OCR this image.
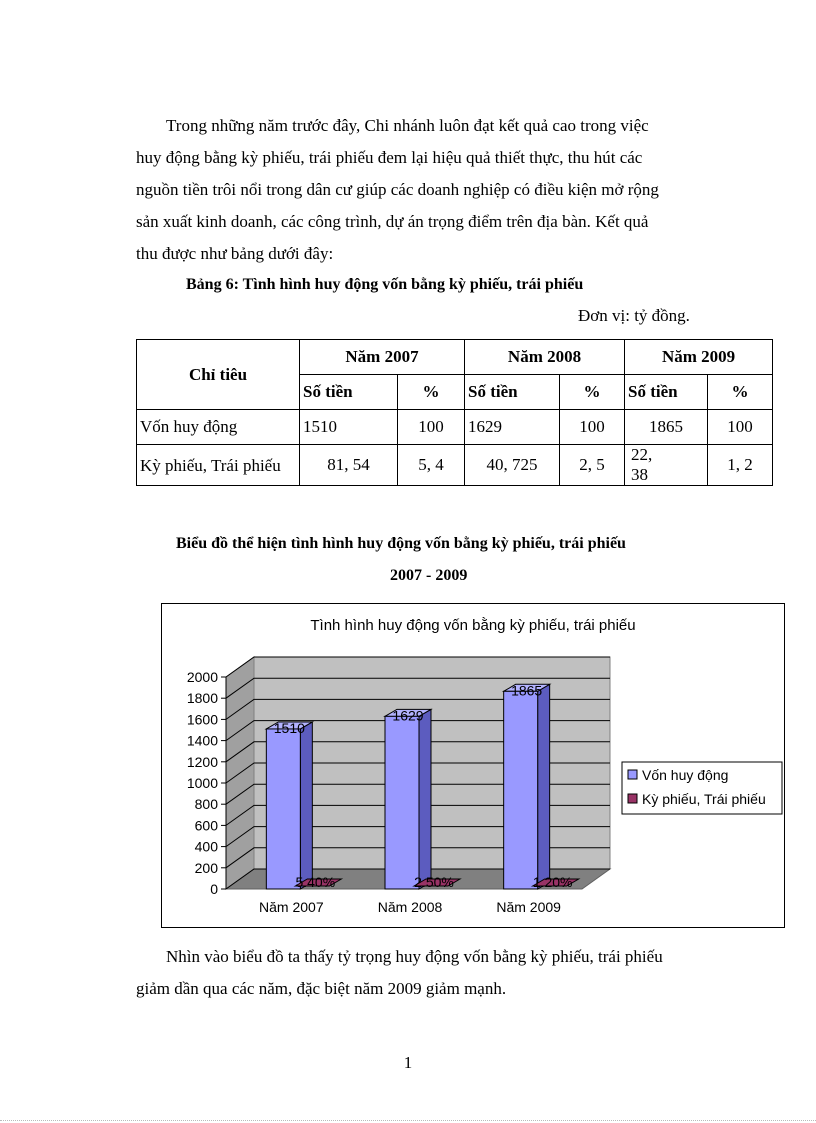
Trong những năm trước đây, Chi nhánh luôn đạt kết quả cao trong việc
huy động bằng kỳ phiếu, trái phiếu đem lại hiệu quả thiết thực, thu hút các
nguồn tiền trôi nổi trong dân cư giúp các doanh nghiệp có điều kiện mở rộng
sản xuất kinh doanh, các công trình, dự án trọng điểm trên địa bàn. Kết quả
thu được như bảng dưới đây:
Bảng 6: Tình hình huy động vốn bằng kỳ phiếu, trái phiếu
Đơn vị: tỷ đồng.
Chỉ tiêu	Năm 2007		Năm 2008		Năm 2009	
	Số tiền	%	Số tiền	%	Số tiền	%
Vốn huy động	1510	100	1629	100	1865	100
Kỳ phiếu, Trái phiếu	81, 54	5, 4	40, 725	2, 5	22, 38	1, 2
Biểu đồ thể hiện tình hình huy động vốn bằng kỳ phiếu, trái phiếu
2007 - 2009
Tình hình huy động vốn bằng kỳ phiếu, trái phiếu
2000
1800
1600
1400
1200
1000
800
600
400
200
0
1510
5.40%
Năm 2007
1629
2.50%
Năm 2008
1865
1.20%
Năm 2009
Vốn huy động
Kỳ phiếu, Trái phiếu
Nhìn vào biểu đồ ta thấy tỷ trọng huy động vốn bằng kỳ phiếu, trái phiếu
giảm dần qua các năm, đặc biệt năm 2009 giảm mạnh.
1
